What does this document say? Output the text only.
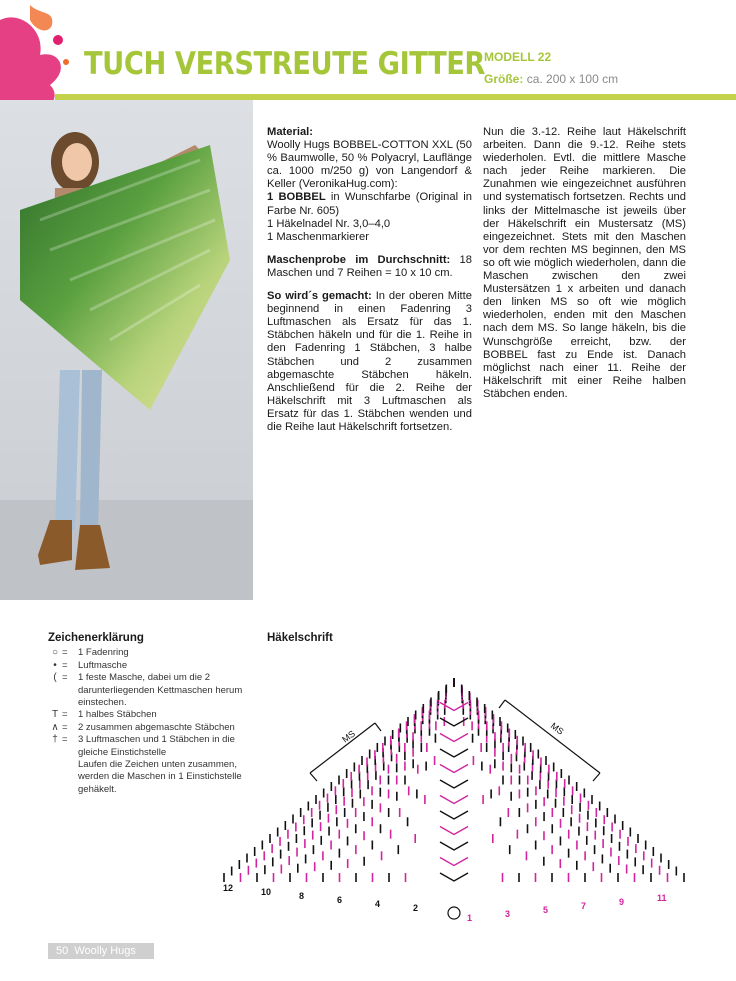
TUCH VERSTREUTE GITTER
MODELL 22
Größe: ca. 200 x 100 cm

Material:
Woolly Hugs BOBBEL-COTTON XXL (50 % Baumwolle, 50 % Polyacryl, Lauflänge ca. 1000 m/250 g) von Langendorf & Keller (VeronikaHug.com):
1 BOBBEL in Wunschfarbe (Original in Farbe Nr. 605)
1 Häkelnadel Nr. 3,0–4,0
1 Maschenmarkierer

Maschenprobe im Durchschnitt: 18 Maschen und 7 Reihen = 10 x 10 cm.

So wird´s gemacht: In der oberen Mitte beginnend in einen Fadenring 3 Luftmaschen als Ersatz für das 1. Stäbchen häkeln und für die 1. Reihe in den Fadenring 1 Stäbchen, 3 halbe Stäbchen und 2 zusammen abgemaschte Stäbchen häkeln. Anschließend für die 2. Reihe der Häkelschrift mit 3 Luftmaschen als Ersatz für das 1. Stäbchen wenden und die Reihe laut Häkelschrift fortsetzen.

Nun die 3.-12. Reihe laut Häkelschrift arbeiten. Dann die 9.-12. Reihe stets wiederholen. Evtl. die mittlere Masche nach jeder Reihe markieren. Die Zunahmen wie eingezeichnet ausführen und systematisch fortsetzen. Rechts und links der Mittelmasche ist jeweils über der Häkelschrift ein Mustersatz (MS) eingezeichnet. Stets mit den Maschen vor dem rechten MS beginnen, den MS so oft wie möglich wiederholen, dann die Maschen zwischen den zwei Mustersätzen 1 x arbeiten und danach den linken MS so oft wie möglich wiederholen, enden mit den Maschen nach dem MS. So lange häkeln, bis die Wunschgröße erreicht, bzw. der BOBBEL fast zu Ende ist. Danach möglichst nach einer 11. Reihe der Häkelschrift mit einer Reihe halben Stäbchen enden.

Zeichenerklärung
○ =	1 Fadenring
• =	Luftmasche
( =	1 feste Masche, dabei um die 2 darunterliegenden Kettmaschen herum einstechen.
T =	1 halbes Stäbchen
∧ =	2 zusammen abgemaschte Stäbchen
† =	3 Luftmaschen und 1 Stäbchen in die gleiche Einstichstelle
Laufen die Zeichen unten zusammen, werden die Maschen in 1 Einstichstelle gehäkelt.
Häkelschrift
MS	MS
12	10	8	6	4	2
1	3	5	7	9	11
50 Woolly Hugs
